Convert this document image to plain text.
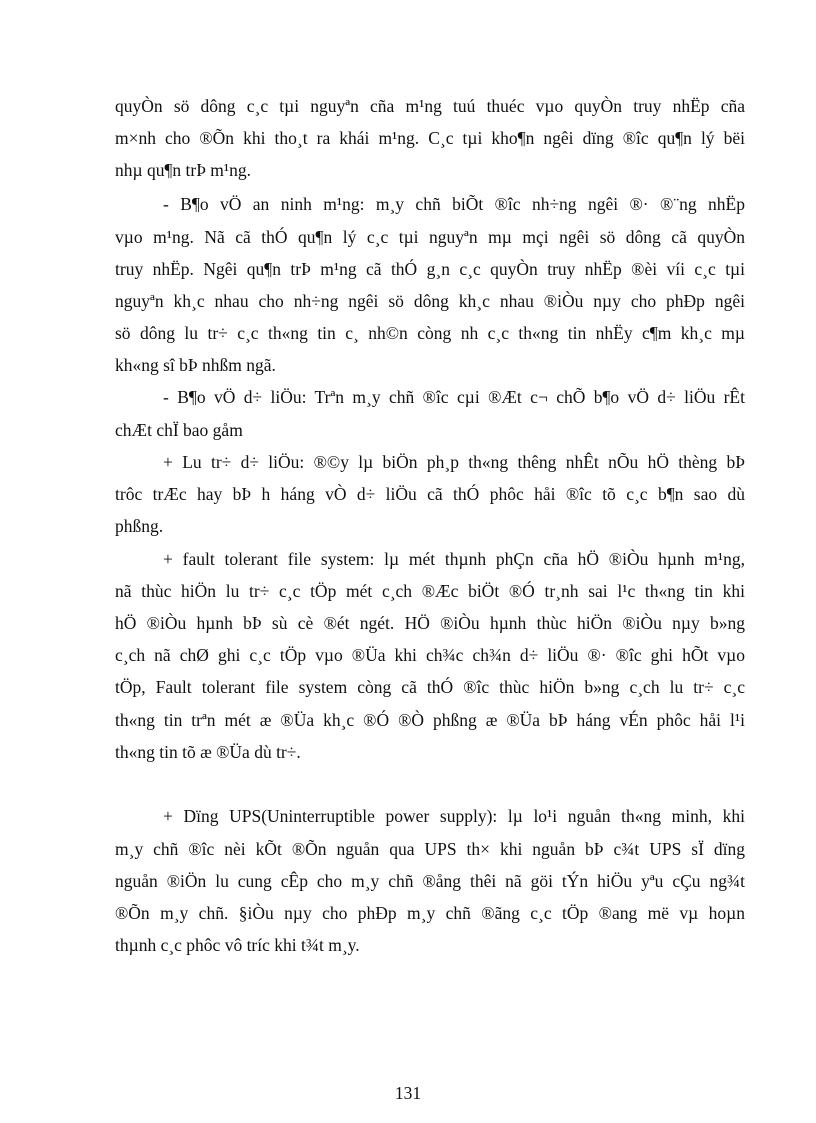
quyÒn sö dông c¸c tµi nguyªn cña m¹ng tuú thuéc vµo quyÒn truy nhËp cña
m×nh cho ®Õn khi tho¸t ra khái m¹ng. C¸c tµi kho¶n ngêi dïng ®îc qu¶n lý bëi
nhµ qu¶n trÞ m¹ng.
- B¶o vÖ an ninh m¹ng: m¸y chñ biÕt ®îc nh÷ng ngêi ®· ®¨ng nhËp
vµo m¹ng. Nã cã thÓ qu¶n lý c¸c tµi nguyªn mµ mçi ngêi sö dông cã quyÒn
truy nhËp. Ngêi qu¶n trÞ m¹ng cã thÓ g¸n c¸c quyÒn truy nhËp ®èi víi c¸c tµi
nguyªn kh¸c nhau cho nh÷ng ngêi sö dông kh¸c nhau ®iÒu nµy cho phÐp ngêi
sö dông lu tr÷ c¸c th«ng tin c¸ nh©n còng nh c¸c th«ng tin nhËy c¶m kh¸c mµ
kh«ng sî bÞ nhßm ngã.
- B¶o vÖ d÷ liÖu: Trªn m¸y chñ ®îc cµi ®Æt c¬ chÕ b¶o vÖ d÷ liÖu rÊt
chÆt chÏ bao gåm
+ Lu tr÷ d÷ liÖu: ®©y lµ biÖn ph¸p th«ng thêng nhÊt nÕu hÖ thèng bÞ
trôc trÆc hay bÞ h háng vÒ d÷ liÖu cã thÓ phôc håi ®îc tõ c¸c b¶n sao dù
phßng.
+ fault tolerant file system: lµ mét thµnh phÇn cña hÖ ®iÒu hµnh m¹ng,
nã thùc hiÖn lu tr÷ c¸c tÖp mét c¸ch ®Æc biÖt ®Ó tr¸nh sai l¹c th«ng tin khi
hÖ ®iÒu hµnh bÞ sù cè ®ét ngét. HÖ ®iÒu hµnh thùc hiÖn ®iÒu nµy b»ng
c¸ch nã chØ ghi c¸c tÖp vµo ®Üa khi ch¾c ch¾n d÷ liÖu ®· ®îc ghi hÕt vµo
tÖp, Fault tolerant file system còng cã thÓ ®îc thùc hiÖn b»ng c¸ch lu tr÷ c¸c
th«ng tin trªn mét æ ®Üa kh¸c ®Ó ®Ò phßng æ ®Üa bÞ háng vÉn phôc håi l¹i
th«ng tin tõ æ ®Üa dù tr÷.
+ Dïng UPS(Uninterruptible power supply): lµ lo¹i nguån th«ng minh, khi
m¸y chñ ®îc nèi kÕt ®Õn nguån qua UPS th× khi nguån bÞ c¾t UPS sÏ dïng
nguån ®iÖn lu cung cÊp cho m¸y chñ ®ång thêi nã göi tÝn hiÖu yªu cÇu ng¾t
®Õn m¸y chñ. §iÒu nµy cho phÐp m¸y chñ ®ãng c¸c tÖp ®ang më vµ hoµn
thµnh c¸c phôc vô tríc khi t¾t m¸y.
131
